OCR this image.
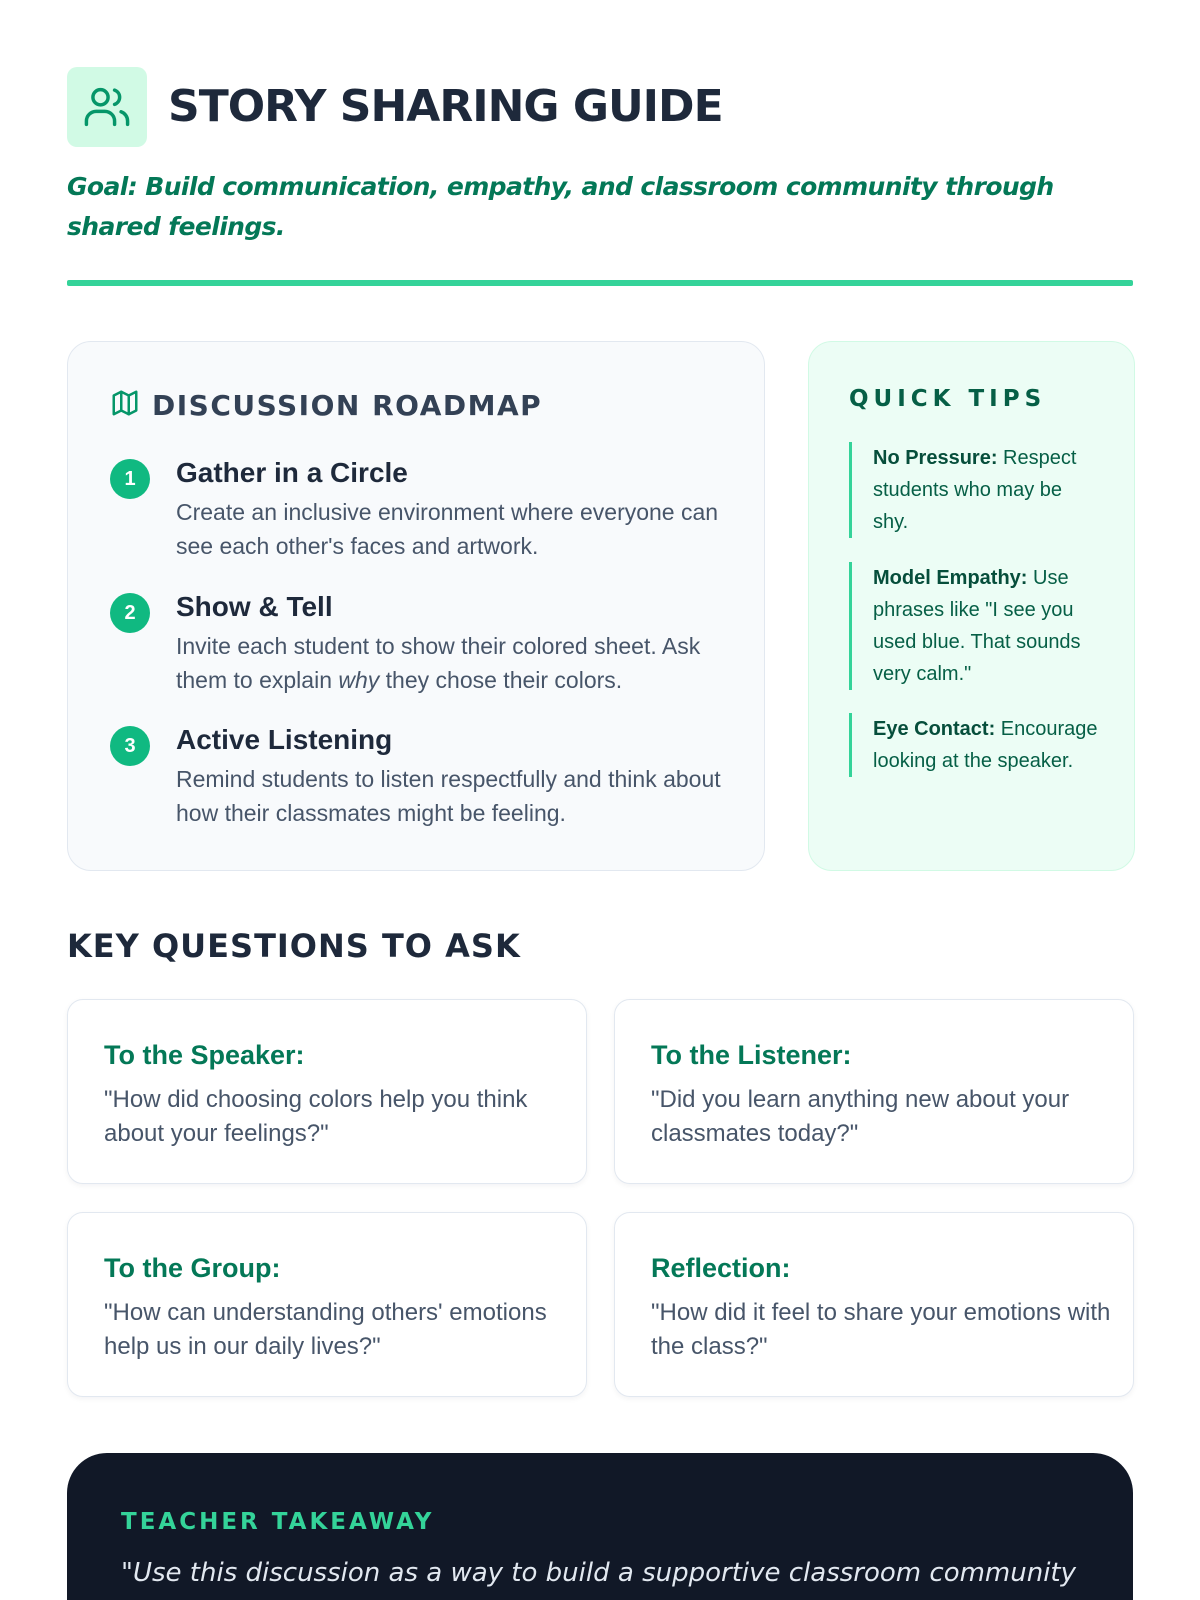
STORY SHARING GUIDE

Goal: Build communication, empathy, and classroom community through shared feelings.

DISCUSSION ROADMAP
1	Gather in a Circle
Create an inclusive environment where everyone can see each other's faces and artwork.
2	Show & Tell
Invite each student to show their colored sheet. Ask them to explain why they chose their colors.
3	Active Listening
Remind students to listen respectfully and think about how their classmates might be feeling.
QUICK TIPS
No Pressure: Respect students who may be shy.
Model Empathy: Use phrases like "I see you used blue. That sounds very calm."
Eye Contact: Encourage looking at the speaker.
KEY QUESTIONS TO ASK
To the Speaker:
"How did choosing colors help you think about your feelings?"
To the Listener:
"Did you learn anything new about your classmates today?"
To the Group:
"How can understanding others' emotions help us in our daily lives?"
Reflection:
"How did it feel to share your emotions with the class?"
TEACHER TAKEAWAY

"Use this discussion as a way to build a supportive classroom community
